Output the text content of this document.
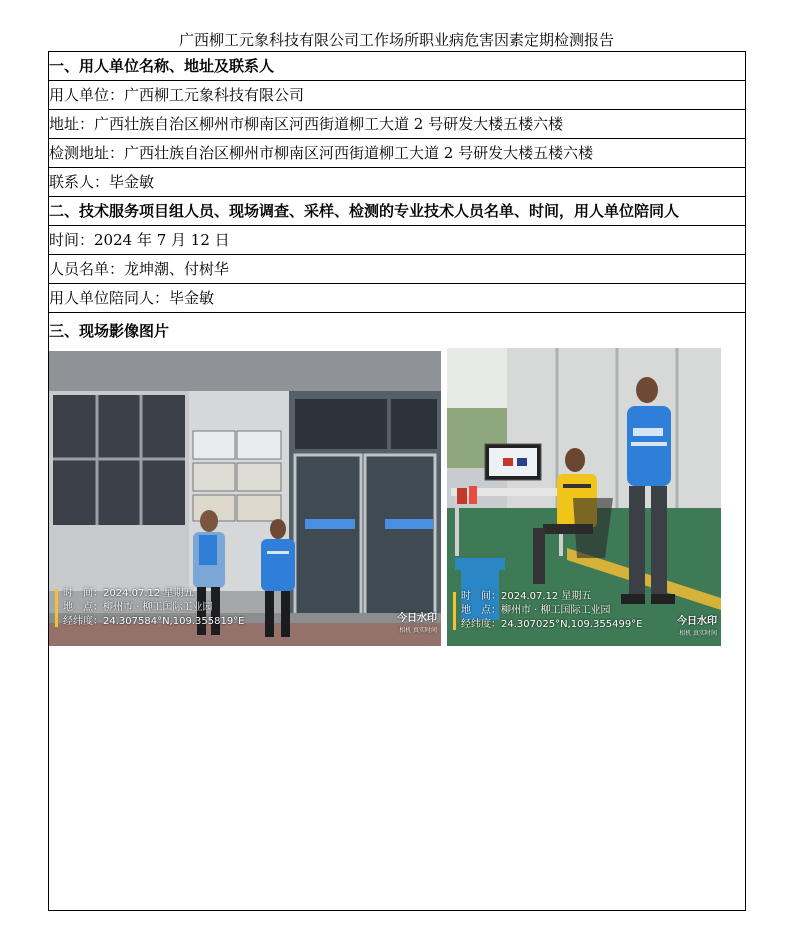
广西柳工元象科技有限公司工作场所职业病危害因素定期检测报告
一、用人单位名称、地址及联系人
用人单位：广西柳工元象科技有限公司
地址：广西壮族自治区柳州市柳南区河西街道柳工大道 2 号研发大楼五楼六楼
检测地址：广西壮族自治区柳州市柳南区河西街道柳工大道 2 号研发大楼五楼六楼
联系人：毕金敏
二、技术服务项目组人员、现场调查、采样、检测的专业技术人员名单、时间，用人单位陪同人
时间：2024 年 7 月 12 日
人员名单：龙坤潮、付树华
用人单位陪同人：毕金敏
三、现场影像图片
时　间：2024.07.12 星期五
地　点：柳州市 · 柳工国际工业园
经纬度：24.307584°N,109.355819°E	今日水印
相机 真实时间
时　间：2024.07.12 星期五
地　点：柳州市 · 柳工国际工业园
经纬度：24.307025°N,109.355499°E	今日水印
相机 真实时间
